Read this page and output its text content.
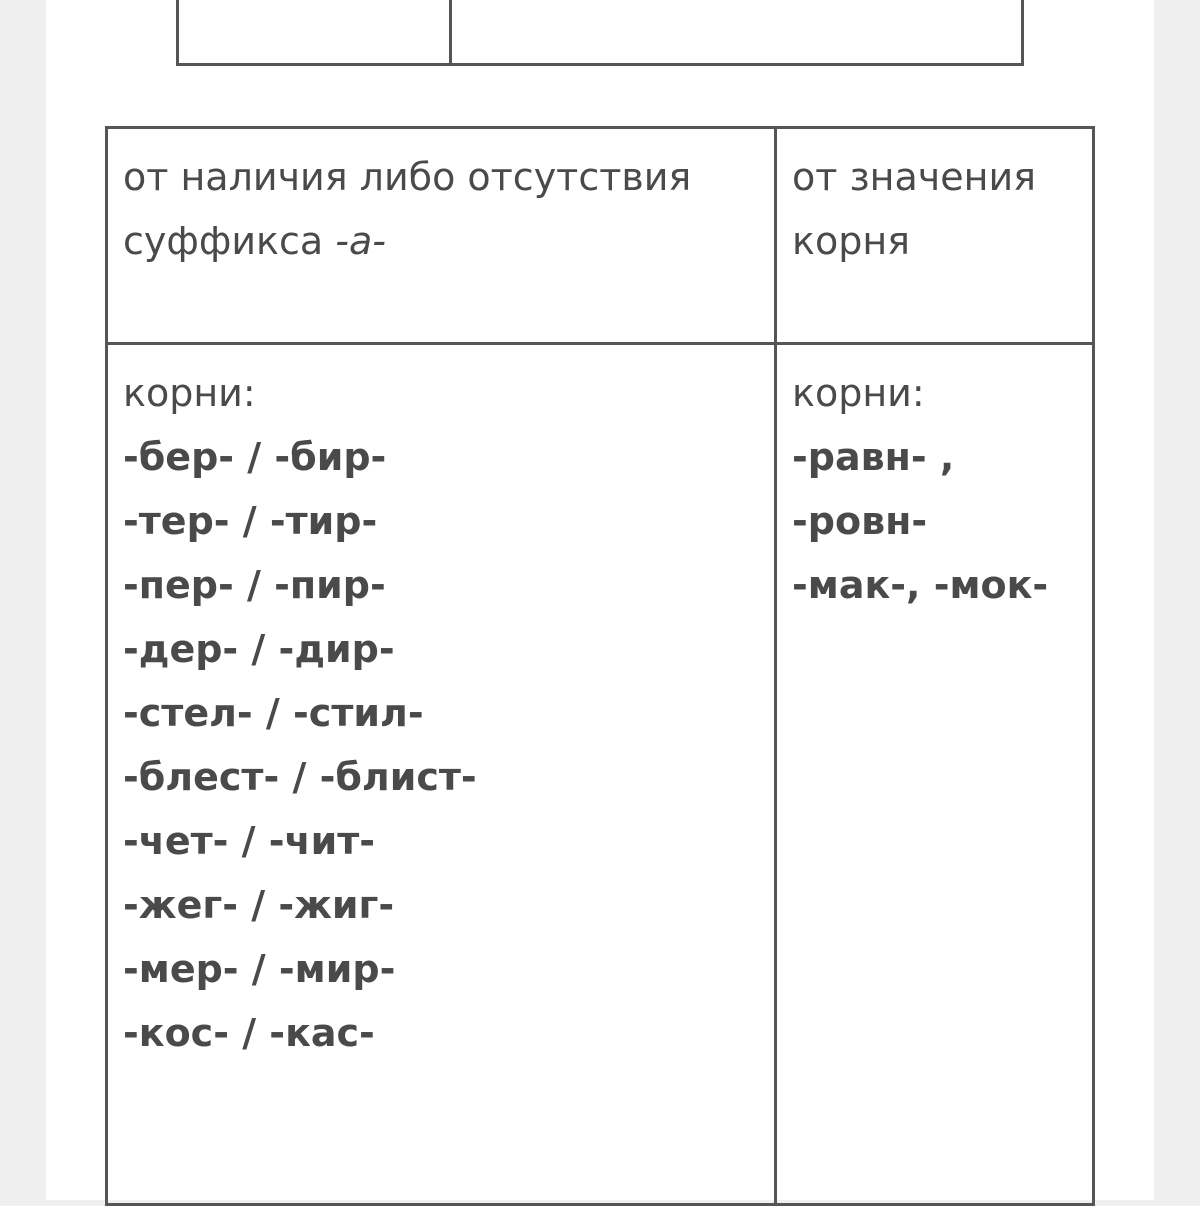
от наличия либо отсутствия
суффикса -а-
от значения
корня
корни:
-бер- / -бир-
-тер- / -тир-
-пер- / -пир-
-дер- / -дир-
-стел- / -стил-
-блест- / -блист-
-чет- / -чит-
-жег- / -жиг-
-мер- / -мир-
-кос- / -кас-
корни:
-равн- ,
-ровн-
-мак-, -мок-
